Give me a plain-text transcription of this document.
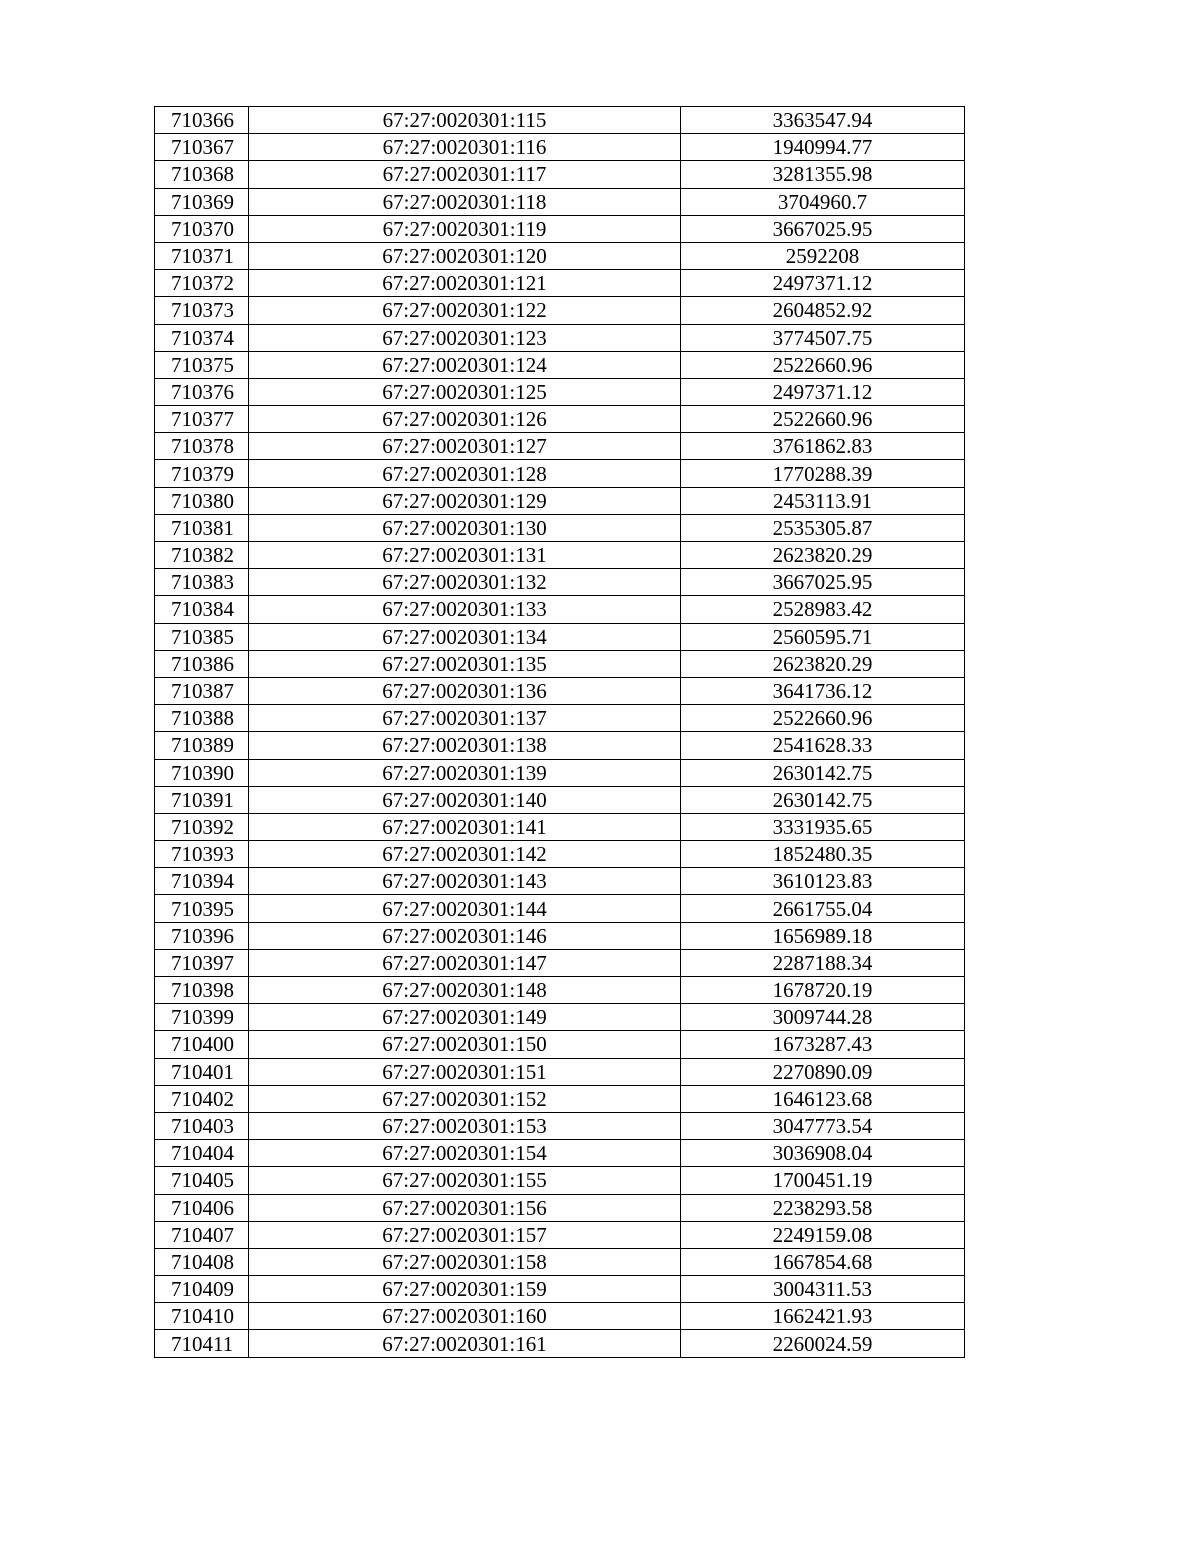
710366	67:27:0020301:115	3363547.94
710367	67:27:0020301:116	1940994.77
710368	67:27:0020301:117	3281355.98
710369	67:27:0020301:118	3704960.7
710370	67:27:0020301:119	3667025.95
710371	67:27:0020301:120	2592208
710372	67:27:0020301:121	2497371.12
710373	67:27:0020301:122	2604852.92
710374	67:27:0020301:123	3774507.75
710375	67:27:0020301:124	2522660.96
710376	67:27:0020301:125	2497371.12
710377	67:27:0020301:126	2522660.96
710378	67:27:0020301:127	3761862.83
710379	67:27:0020301:128	1770288.39
710380	67:27:0020301:129	2453113.91
710381	67:27:0020301:130	2535305.87
710382	67:27:0020301:131	2623820.29
710383	67:27:0020301:132	3667025.95
710384	67:27:0020301:133	2528983.42
710385	67:27:0020301:134	2560595.71
710386	67:27:0020301:135	2623820.29
710387	67:27:0020301:136	3641736.12
710388	67:27:0020301:137	2522660.96
710389	67:27:0020301:138	2541628.33
710390	67:27:0020301:139	2630142.75
710391	67:27:0020301:140	2630142.75
710392	67:27:0020301:141	3331935.65
710393	67:27:0020301:142	1852480.35
710394	67:27:0020301:143	3610123.83
710395	67:27:0020301:144	2661755.04
710396	67:27:0020301:146	1656989.18
710397	67:27:0020301:147	2287188.34
710398	67:27:0020301:148	1678720.19
710399	67:27:0020301:149	3009744.28
710400	67:27:0020301:150	1673287.43
710401	67:27:0020301:151	2270890.09
710402	67:27:0020301:152	1646123.68
710403	67:27:0020301:153	3047773.54
710404	67:27:0020301:154	3036908.04
710405	67:27:0020301:155	1700451.19
710406	67:27:0020301:156	2238293.58
710407	67:27:0020301:157	2249159.08
710408	67:27:0020301:158	1667854.68
710409	67:27:0020301:159	3004311.53
710410	67:27:0020301:160	1662421.93
710411	67:27:0020301:161	2260024.59
